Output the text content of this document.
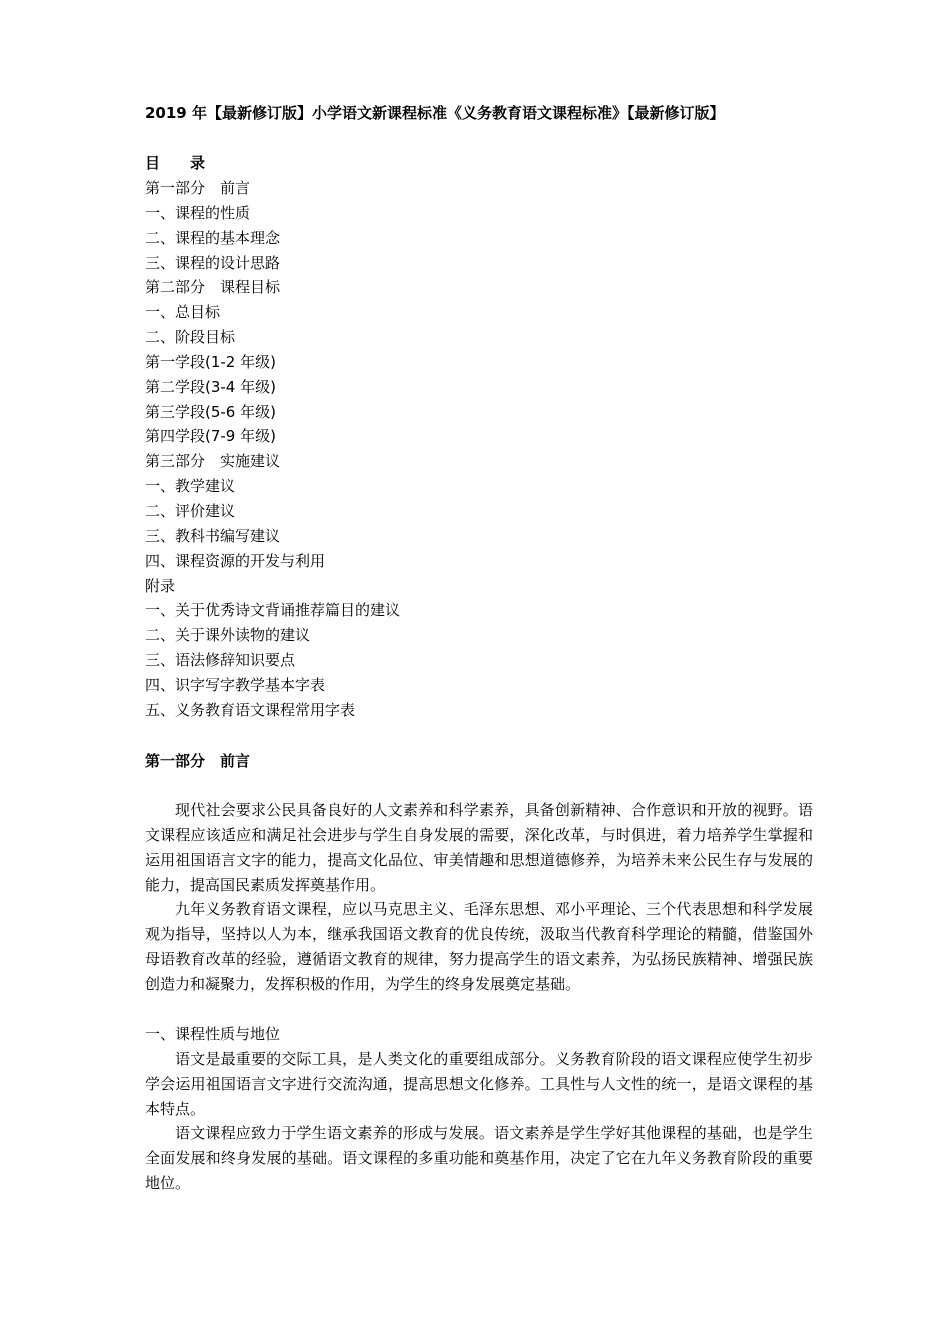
2019 年【最新修订版】小学语文新课程标准《义务教育语文课程标准》【最新修订版】
目　　录
第一部分　前言
一、课程的性质
二、课程的基本理念
三、课程的设计思路
第二部分　课程目标
一、总目标
二、阶段目标
第一学段(1-2 年级)
第二学段(3-4 年级)
第三学段(5-6 年级)
第四学段(7-9 年级)
第三部分　实施建议
一、教学建议
二、评价建议
三、教科书编写建议
四、课程资源的开发与利用
附录
一、关于优秀诗文背诵推荐篇目的建议
二、关于课外读物的建议
三、语法修辞知识要点
四、识字写字教学基本字表
五、义务教育语文课程常用字表
第一部分　前言

现代社会要求公民具备良好的人文素养和科学素养，具备创新精神、合作意识和开放的视野。语文课程应该适应和满足社会进步与学生自身发展的需要，深化改革，与时俱进，着力培养学生掌握和运用祖国语言文字的能力，提高文化品位、审美情趣和思想道德修养，为培养未来公民生存与发展的能力，提高国民素质发挥奠基作用。

九年义务教育语文课程，应以马克思主义、毛泽东思想、邓小平理论、三个代表思想和科学发展观为指导，坚持以人为本，继承我国语文教育的优良传统，汲取当代教育科学理论的精髓，借鉴国外母语教育改革的经验，遵循语文教育的规律，努力提高学生的语文素养，为弘扬民族精神、增强民族创造力和凝聚力，发挥积极的作用，为学生的终身发展奠定基础。

一、课程性质与地位

语文是最重要的交际工具，是人类文化的重要组成部分。义务教育阶段的语文课程应使学生初步学会运用祖国语言文字进行交流沟通，提高思想文化修养。工具性与人文性的统一，是语文课程的基本特点。

语文课程应致力于学生语文素养的形成与发展。语文素养是学生学好其他课程的基础，也是学生全面发展和终身发展的基础。语文课程的多重功能和奠基作用，决定了它在九年义务教育阶段的重要地位。
